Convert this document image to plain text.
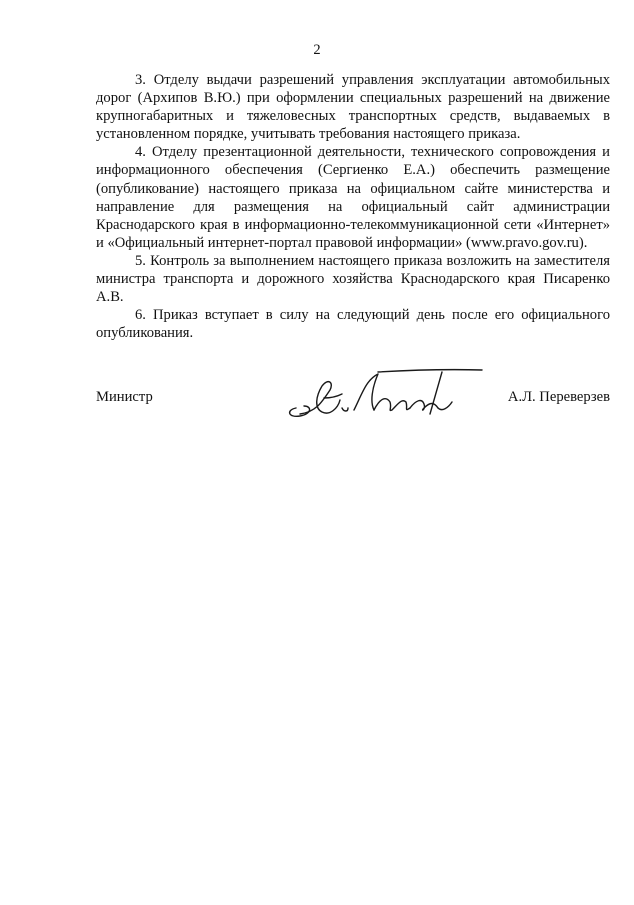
2

3. Отделу выдачи разрешений управления эксплуатации автомобильных дорог (Архипов В.Ю.) при оформлении специальных разрешений на движение крупногабаритных и тяжеловесных транспортных средств, выдаваемых в установленном порядке, учитывать требования настоящего приказа.

4. Отделу презентационной деятельности, технического сопровождения и информационного обеспечения (Сергиенко Е.А.) обеспечить размещение (опубликование) настоящего приказа на официальном сайте министерства и направление для размещения на официальный сайт администрации Краснодарского края в информационно-телекоммуникационной сети «Интернет» и «Официальный интернет-портал правовой информации» (www.pravo.gov.ru).

5. Контроль за выполнением настоящего приказа возложить на заместителя министра транспорта и дорожного хозяйства Краснодарского края Писаренко А.В.

6. Приказ вступает в силу на следующий день после его официального опубликования.

Министр	А.Л. Переверзев
